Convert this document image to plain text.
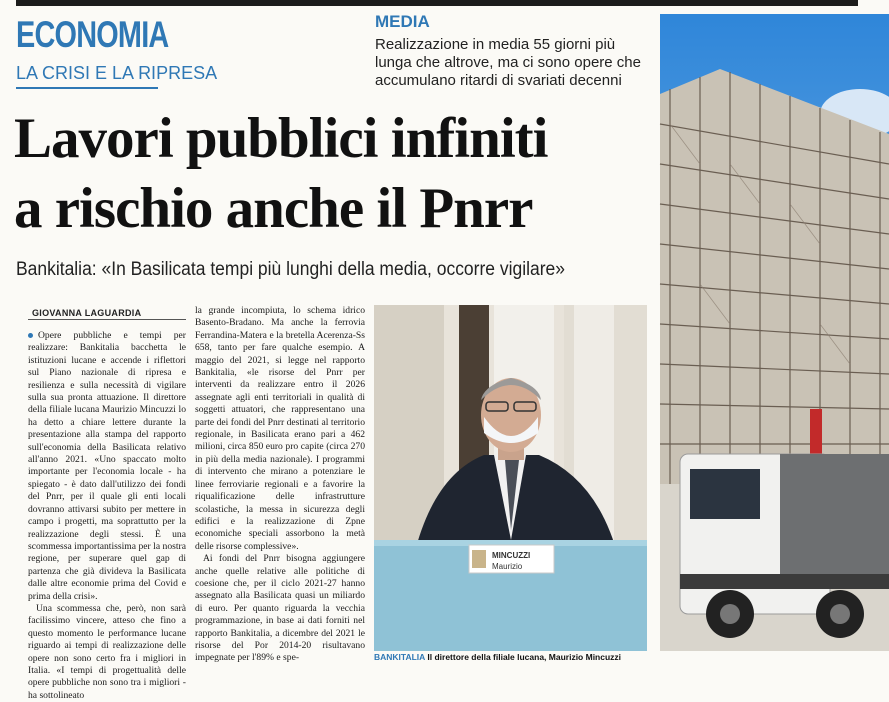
ECONOMIA
LA CRISI E LA RIPRESA
MEDIA
Realizzazione in media 55 giorni più lunga che altrove, ma ci sono opere che accumulano ritardi di svariati decenni
Lavori pubblici infiniti
a rischio anche il Pnrr
Bankitalia: «In Basilicata tempi più lunghi della media, occorre vigilare»
GIOVANNA LAGUARDIA

Opere pubbliche e tempi per realizzare: Bankitalia bacchetta le istituzioni lucane e accende i riflettori sul Piano nazionale di ripresa e resilienza e sulla necessità di vigilare sulla sua pronta attuazione. Il direttore della filiale lucana Maurizio Mincuzzi lo ha detto a chiare lettere durante la presentazione alla stampa del rapporto sull'economia della Basilicata relativo all'anno 2021. «Uno spaccato molto importante per l'economia locale - ha spiegato - è dato dall'utilizzo dei fondi del Pnrr, per il quale gli enti locali dovranno attivarsi subito per mettere in campo i progetti, ma soprattutto per la realizzazione degli stessi. È una scommessa importantissima per la nostra regione, per superare quel gap di partenza che già divideva la Basilicata dalle altre economie prima del Covid e prima della crisi».

Una scommessa che, però, non sarà facilissimo vincere, atteso che fino a questo momento le performance lucane riguardo ai tempi di realizzazione delle opere non sono certo fra i migliori in Italia. «I tempi di progettualità delle opere pubbliche non sono tra i migliori - ha sottolineato

la grande incompiuta, lo schema idrico Basento-Bradano. Ma anche la ferrovia Ferrandina-Matera e la bretella Acerenza-Ss 658, tanto per fare qualche esempio. A maggio del 2021, si legge nel rapporto Bankitalia, «le risorse del Pnrr per interventi da realizzare entro il 2026 assegnate agli enti territoriali in qualità di soggetti attuatori, che rappresentano una parte dei fondi del Pnrr destinati al territorio regionale, in Basilicata erano pari a 462 milioni, circa 850 euro pro capite (circa 270 in più della media nazionale). I programmi di intervento che mirano a potenziare le linee ferroviarie regionali e a favorire la riqualificazione delle infrastrutture scolastiche, la messa in sicurezza degli edifici e la realizzazione di Zpne economiche speciali assorbono la metà delle risorse complessive».

Ai fondi del Pnrr bisogna aggiungere anche quelle relative alle politiche di coesione che, per il ciclo 2021-27 hanno assegnato alla Basilicata quasi un miliardo di euro. Per quanto riguarda la vecchia programmazione, in base ai dati forniti nel rapporto Bankitalia, a dicembre del 2021 le risorse del Por 2014-20 risultavano impegnate per l'89% e spe-

MINCUZZI
Maurizio
BANKITALIA Il direttore della filiale lucana, Maurizio Mincuzzi
